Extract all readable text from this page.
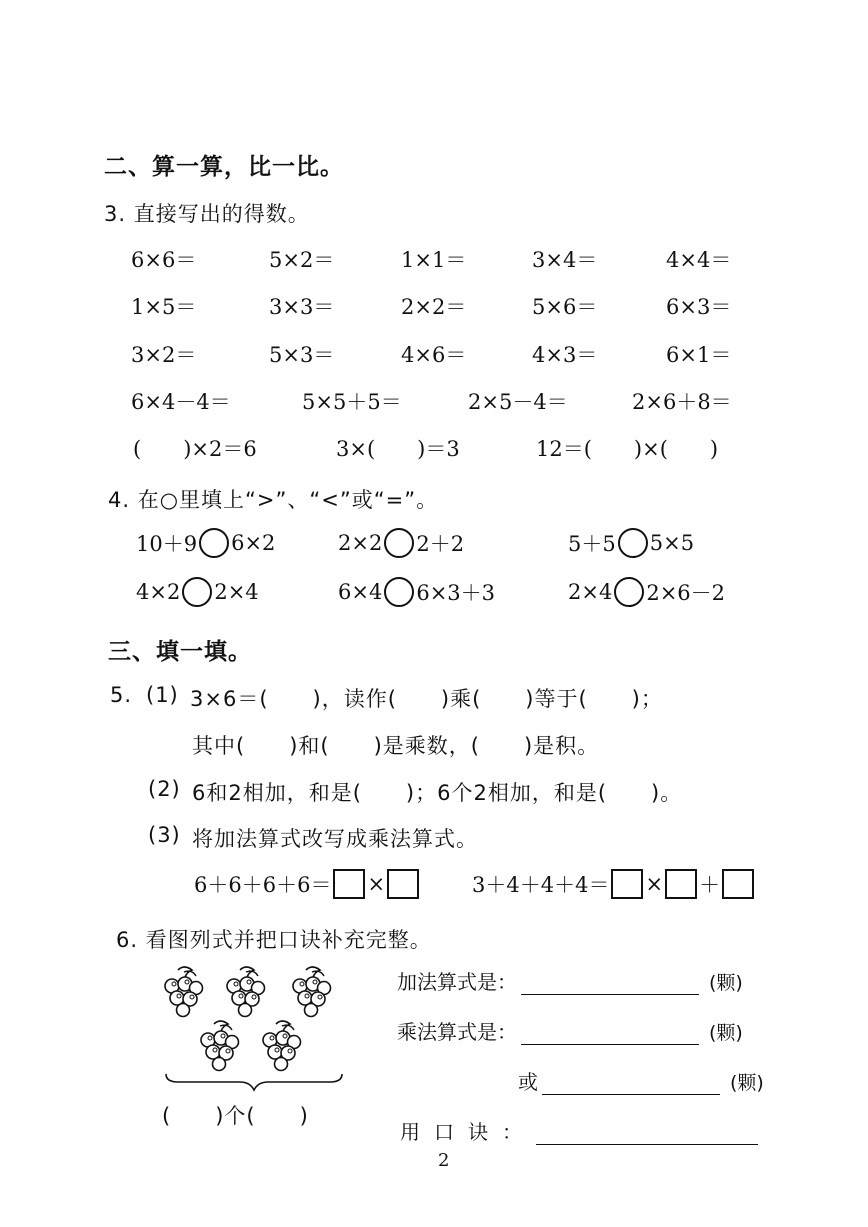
二、算一算，比一比。
3. 直接写出的得数。
6×6＝	5×2＝	1×1＝	3×4＝	4×4＝
1×5＝	3×3＝	2×2＝	5×6＝	6×3＝
3×2＝	5×3＝	4×6＝	4×3＝	6×1＝
6×4－4＝	5×5＋5＝	2×5－4＝	2×6＋8＝
(　　)×2＝6	3×(　　)＝3	12＝(　　)×(　　)
4. 在○里填上“>”、“<”或“=”。
10＋9 6×2	2×2 2＋2	5＋5 5×5
4×2 2×4	6×4 6×3＋3	2×4 2×6－2
三、填一填。
5. (1) 3×6＝(　　)，读作(　　)乘(　　)等于(　　)；
其中(　　)和(　　)是乘数，(　　)是积。
(2) 6和2相加，和是(　　)；6个2相加，和是(　　)。
(3) 将加法算式改写成乘法算式。
6＋6＋6＋6＝ ×	3＋4＋4＋4＝ × ＋
6. 看图列式并把口诀补充完整。
(　　)个(　　)
加法算式是：	(颗)
乘法算式是：	(颗)
或	(颗)
用口诀：
2
